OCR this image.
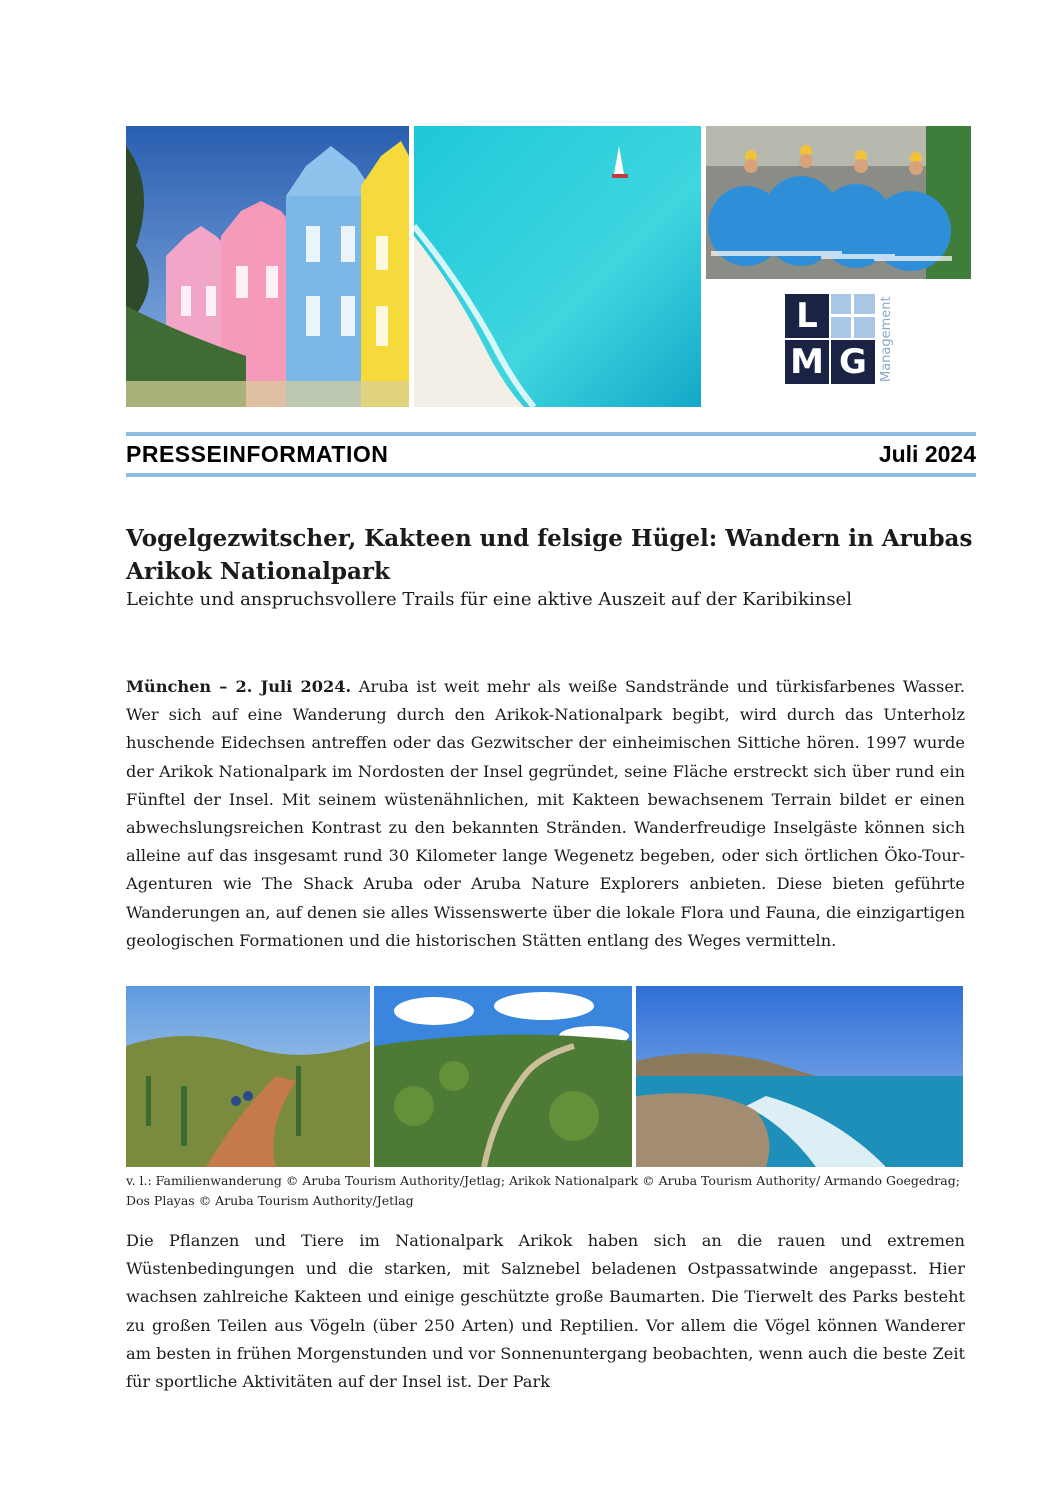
L
M G Management
PRESSEINFORMATION	Juli 2024
Vogelgezwitscher, Kakteen und felsige Hügel: Wandern in Arubas Arikok Nationalpark
Leichte und anspruchsvollere Trails für eine aktive Auszeit auf der Karibikinsel

München – 2. Juli 2024. Aruba ist weit mehr als weiße Sandstrände und türkisfarbenes Wasser. Wer sich auf eine Wanderung durch den Arikok-Nationalpark begibt, wird durch das Unterholz huschende Eidechsen antreffen oder das Gezwitscher der einheimischen Sittiche hören. 1997 wurde der Arikok Nationalpark im Nordosten der Insel gegründet, seine Fläche erstreckt sich über rund ein Fünftel der Insel. Mit seinem wüstenähnlichen, mit Kakteen bewachsenem Terrain bildet er einen abwechslungsreichen Kontrast zu den bekannten Stränden. Wanderfreudige Inselgäste können sich alleine auf das insgesamt rund 30 Kilometer lange Wegenetz begeben, oder sich örtlichen Öko-Tour-Agenturen wie The Shack Aruba oder Aruba Nature Explorers anbieten. Diese bieten geführte Wanderungen an, auf denen sie alles Wissenswerte über die lokale Flora und Fauna, die einzigartigen geologischen Formationen und die historischen Stätten entlang des Weges vermitteln.

v. l.: Familienwanderung © Aruba Tourism Authority/Jetlag; Arikok Nationalpark © Aruba Tourism Authority/ Armando Goegedrag; Dos Playas © Aruba Tourism Authority/Jetlag

Die Pflanzen und Tiere im Nationalpark Arikok haben sich an die rauen und extremen Wüstenbedingungen und die starken, mit Salznebel beladenen Ostpassatwinde angepasst. Hier wachsen zahlreiche Kakteen und einige geschützte große Baumarten. Die Tierwelt des Parks besteht zu großen Teilen aus Vögeln (über 250 Arten) und Reptilien. Vor allem die Vögel können Wanderer am besten in frühen Morgenstunden und vor Sonnenuntergang beobachten, wenn auch die beste Zeit für sportliche Aktivitäten auf der Insel ist. Der Park
